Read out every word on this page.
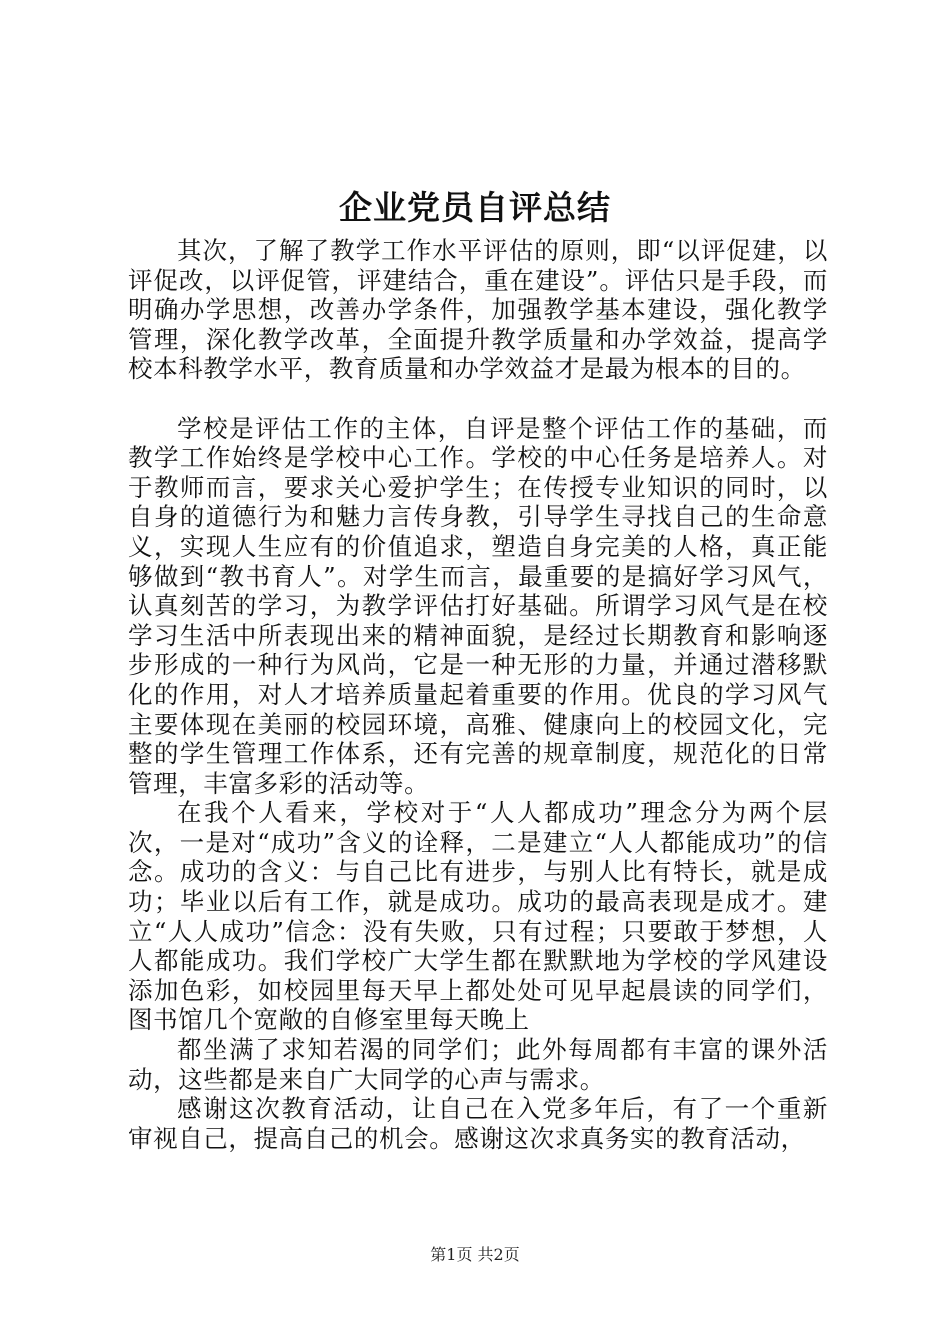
企业党员自评总结

其次，了解了教学工作水平评估的原则，即“以评促建，以评促改，以评促管，评建结合，重在建设”。评估只是手段，而明确办学思想，改善办学条件，加强教学基本建设，强化教学管理，深化教学改革，全面提升教学质量和办学效益，提高学校本科教学水平，教育质量和办学效益才是最为根本的目的。

学校是评估工作的主体，自评是整个评估工作的基础，而教学工作始终是学校中心工作。学校的中心任务是培养人。对于教师而言，要求关心爱护学生；在传授专业知识的同时，以自身的道德行为和魅力言传身教，引导学生寻找自己的生命意义，实现人生应有的价值追求，塑造自身完美的人格，真正能够做到“教书育人”。对学生而言，最重要的是搞好学习风气，认真刻苦的学习，为教学评估打好基础。所谓学习风气是在校学习生活中所表现出来的精神面貌，是经过长期教育和影响逐步形成的一种行为风尚，它是一种无形的力量，并通过潜移默化的作用，对人才培养质量起着重要的作用。优良的学习风气主要体现在美丽的校园环境，高雅、健康向上的校园文化，完整的学生管理工作体系，还有完善的规章制度，规范化的日常管理，丰富多彩的活动等。

在我个人看来，学校对于“人人都成功”理念分为两个层次，一是对“成功”含义的诠释，二是建立“人人都能成功”的信念。成功的含义：与自己比有进步，与别人比有特长，就是成功；毕业以后有工作，就是成功。成功的最高表现是成才。建立“人人成功”信念：没有失败，只有过程；只要敢于梦想，人人都能成功。我们学校广大学生都在默默地为学校的学风建设添加色彩，如校园里每天早上都处处可见早起晨读的同学们，图书馆几个宽敞的自修室里每天晚上

都坐满了求知若渴的同学们；此外每周都有丰富的课外活动，这些都是来自广大同学的心声与需求。

感谢这次教育活动，让自己在入党多年后，有了一个重新审视自己，提高自己的机会。感谢这次求真务实的教育活动，

第1页 共2页
